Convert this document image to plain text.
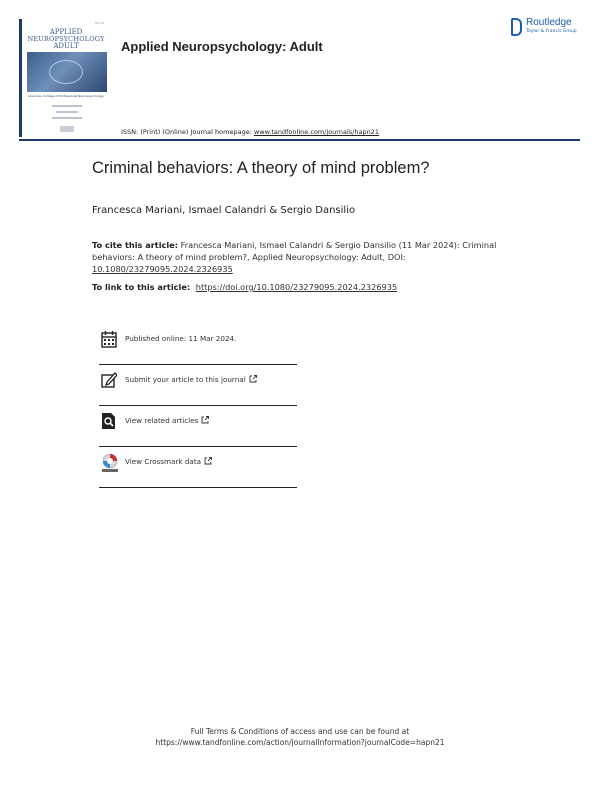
Vol 31
APPLIED
NEUROPSYCHOLOGY
ADULT
American College of Professional Neuropsychology
Applied Neuropsychology: Adult
Routledge
Taylor & Francis Group
ISSN: (Print) (Online) Journal homepage: www.tandfonline.com/journals/hapn21
Criminal behaviors: A theory of mind problem?
Francesca Mariani, Ismael Calandri & Sergio Dansilio
To cite this article: Francesca Mariani, Ismael Calandri & Sergio Dansilio (11 Mar 2024): Criminal behaviors: A theory of mind problem?, Applied Neuropsychology: Adult, DOI: 10.1080/23279095.2024.2326935
To link to this article: https://doi.org/10.1080/23279095.2024.2326935
Published online: 11 Mar 2024.
Submit your article to this journal
View related articles
View Crossmark data
Full Terms & Conditions of access and use can be found at
https://www.tandfonline.com/action/journalInformation?journalCode=hapn21
